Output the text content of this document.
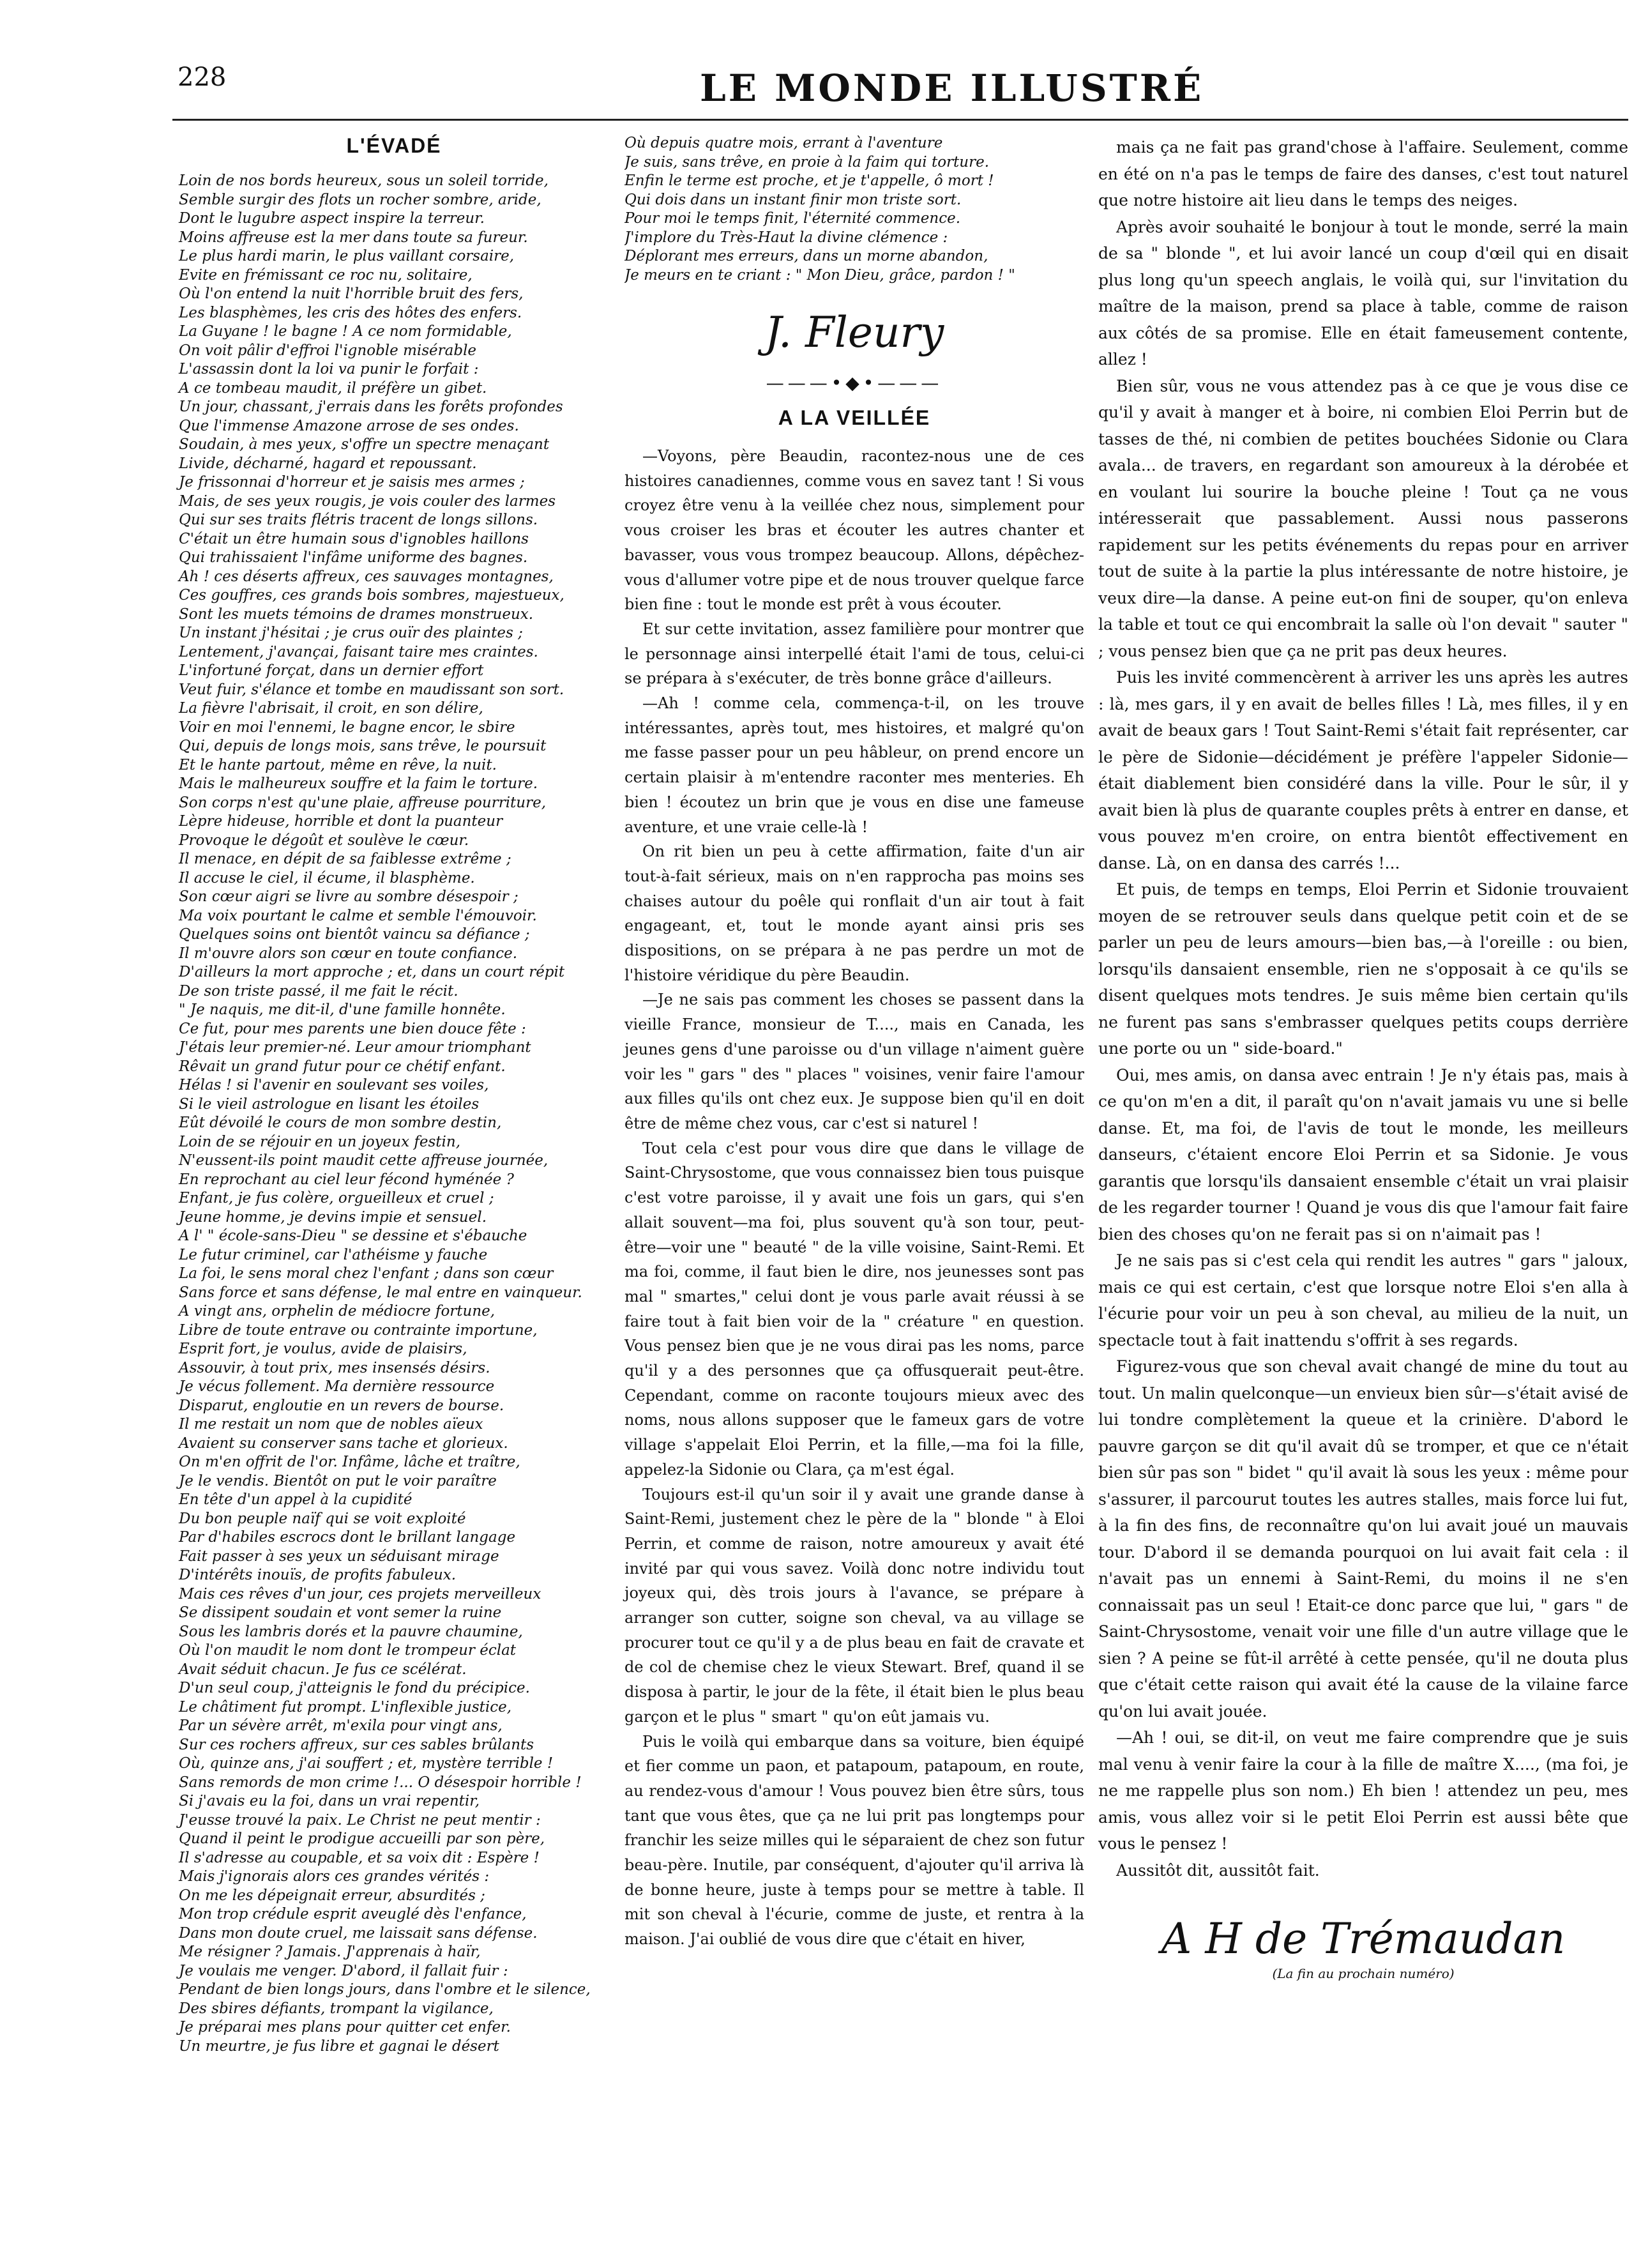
228	LE MONDE ILLUSTRÉ
L'ÉVADÉ
Loin de nos bords heureux, sous un soleil torride,
Semble surgir des flots un rocher sombre, aride,
Dont le lugubre aspect inspire la terreur.
Moins affreuse est la mer dans toute sa fureur.
Le plus hardi marin, le plus vaillant corsaire,
Evite en frémissant ce roc nu, solitaire,
Où l'on entend la nuit l'horrible bruit des fers,
Les blasphèmes, les cris des hôtes des enfers.
La Guyane ! le bagne ! A ce nom formidable,
On voit pâlir d'effroi l'ignoble misérable
L'assassin dont la loi va punir le forfait :
A ce tombeau maudit, il préfère un gibet.
Un jour, chassant, j'errais dans les forêts profondes
Que l'immense Amazone arrose de ses ondes.
Soudain, à mes yeux, s'offre un spectre menaçant
Livide, décharné, hagard et repoussant.
Je frissonnai d'horreur et je saisis mes armes ;
Mais, de ses yeux rougis, je vois couler des larmes
Qui sur ses traits flétris tracent de longs sillons.
C'était un être humain sous d'ignobles haillons
Qui trahissaient l'infâme uniforme des bagnes.
Ah ! ces déserts affreux, ces sauvages montagnes,
Ces gouffres, ces grands bois sombres, majestueux,
Sont les muets témoins de drames monstrueux.
Un instant j'hésitai ; je crus ouïr des plaintes ;
Lentement, j'avançai, faisant taire mes craintes.
L'infortuné forçat, dans un dernier effort
Veut fuir, s'élance et tombe en maudissant son sort.
La fièvre l'abrisait, il croit, en son délire,
Voir en moi l'ennemi, le bagne encor, le sbire
Qui, depuis de longs mois, sans trêve, le poursuit
Et le hante partout, même en rêve, la nuit.
Mais le malheureux souffre et la faim le torture.
Son corps n'est qu'une plaie, affreuse pourriture,
Lèpre hideuse, horrible et dont la puanteur
Provoque le dégoût et soulève le cœur.
Il menace, en dépit de sa faiblesse extrême ;
Il accuse le ciel, il écume, il blasphème.
Son cœur aigri se livre au sombre désespoir ;
Ma voix pourtant le calme et semble l'émouvoir.
Quelques soins ont bientôt vaincu sa défiance ;
Il m'ouvre alors son cœur en toute confiance.
D'ailleurs la mort approche ; et, dans un court répit
De son triste passé, il me fait le récit.
" Je naquis, me dit-il, d'une famille honnête.
Ce fut, pour mes parents une bien douce fête :
J'étais leur premier-né. Leur amour triomphant
Rêvait un grand futur pour ce chétif enfant.
Hélas ! si l'avenir en soulevant ses voiles,
Si le vieil astrologue en lisant les étoiles
Eût dévoilé le cours de mon sombre destin,
Loin de se réjouir en un joyeux festin,
N'eussent-ils point maudit cette affreuse journée,
En reprochant au ciel leur fécond hyménée ?
Enfant, je fus colère, orgueilleux et cruel ;
Jeune homme, je devins impie et sensuel.
A l' " école-sans-Dieu " se dessine et s'ébauche
Le futur criminel, car l'athéisme y fauche
La foi, le sens moral chez l'enfant ; dans son cœur
Sans force et sans défense, le mal entre en vainqueur.
A vingt ans, orphelin de médiocre fortune,
Libre de toute entrave ou contrainte importune,
Esprit fort, je voulus, avide de plaisirs,
Assouvir, à tout prix, mes insensés désirs.
Je vécus follement. Ma dernière ressource
Disparut, engloutie en un revers de bourse.
Il me restait un nom que de nobles aïeux
Avaient su conserver sans tache et glorieux.
On m'en offrit de l'or. Infâme, lâche et traître,
Je le vendis. Bientôt on put le voir paraître
En tête d'un appel à la cupidité
Du bon peuple naïf qui se voit exploité
Par d'habiles escrocs dont le brillant langage
Fait passer à ses yeux un séduisant mirage
D'intérêts inouïs, de profits fabuleux.
Mais ces rêves d'un jour, ces projets merveilleux
Se dissipent soudain et vont semer la ruine
Sous les lambris dorés et la pauvre chaumine,
Où l'on maudit le nom dont le trompeur éclat
Avait séduit chacun. Je fus ce scélérat.
D'un seul coup, j'atteignis le fond du précipice.
Le châtiment fut prompt. L'inflexible justice,
Par un sévère arrêt, m'exila pour vingt ans,
Sur ces rochers affreux, sur ces sables brûlants
Où, quinze ans, j'ai souffert ; et, mystère terrible !
Sans remords de mon crime !... O désespoir horrible !
Si j'avais eu la foi, dans un vrai repentir,
J'eusse trouvé la paix. Le Christ ne peut mentir :
Quand il peint le prodigue accueilli par son père,
Il s'adresse au coupable, et sa voix dit : Espère !
Mais j'ignorais alors ces grandes vérités :
On me les dépeignait erreur, absurdités ;
Mon trop crédule esprit aveuglé dès l'enfance,
Dans mon doute cruel, me laissait sans défense.
Me résigner ? Jamais. J'apprenais à haïr,
Je voulais me venger. D'abord, il fallait fuir :
Pendant de bien longs jours, dans l'ombre et le silence,
Des sbires défiants, trompant la vigilance,
Je préparai mes plans pour quitter cet enfer.
Un meurtre, je fus libre et gagnai le désert
Où depuis quatre mois, errant à l'aventure
Je suis, sans trêve, en proie à la faim qui torture.
Enfin le terme est proche, et je t'appelle, ô mort !
Qui dois dans un instant finir mon triste sort.
Pour moi le temps finit, l'éternité commence.
J'implore du Très-Haut la divine clémence :
Déplorant mes erreurs, dans un morne abandon,
Je meurs en te criant : " Mon Dieu, grâce, pardon ! "
J. Fleury
———•◆•———
A LA VEILLÉE

—Voyons, père Beaudin, racontez-nous une de ces histoires canadiennes, comme vous en savez tant ! Si vous croyez être venu à la veillée chez nous, simplement pour vous croiser les bras et écouter les autres chanter et bavasser, vous vous trompez beaucoup. Allons, dépêchez-vous d'allumer votre pipe et de nous trouver quelque farce bien fine : tout le monde est prêt à vous écouter.

Et sur cette invitation, assez familière pour montrer que le personnage ainsi interpellé était l'ami de tous, celui-ci se prépara à s'exécuter, de très bonne grâce d'ailleurs.

—Ah ! comme cela, commença-t-il, on les trouve intéressantes, après tout, mes histoires, et malgré qu'on me fasse passer pour un peu hâbleur, on prend encore un certain plaisir à m'entendre raconter mes menteries. Eh bien ! écoutez un brin que je vous en dise une fameuse aventure, et une vraie celle-là !

On rit bien un peu à cette affirmation, faite d'un air tout-à-fait sérieux, mais on n'en rapprocha pas moins ses chaises autour du poêle qui ronflait d'un air tout à fait engageant, et, tout le monde ayant ainsi pris ses dispositions, on se prépara à ne pas perdre un mot de l'histoire véridique du père Beaudin.

—Je ne sais pas comment les choses se passent dans la vieille France, monsieur de T...., mais en Canada, les jeunes gens d'une paroisse ou d'un village n'aiment guère voir les " gars " des " places " voisines, venir faire l'amour aux filles qu'ils ont chez eux. Je suppose bien qu'il en doit être de même chez vous, car c'est si naturel !

Tout cela c'est pour vous dire que dans le village de Saint-Chrysostome, que vous connaissez bien tous puisque c'est votre paroisse, il y avait une fois un gars, qui s'en allait souvent—ma foi, plus souvent qu'à son tour, peut-être—voir une " beauté " de la ville voisine, Saint-Remi. Et ma foi, comme, il faut bien le dire, nos jeunesses sont pas mal " smartes," celui dont je vous parle avait réussi à se faire tout à fait bien voir de la " créature " en question. Vous pensez bien que je ne vous dirai pas les noms, parce qu'il y a des personnes que ça offusquerait peut-être. Cependant, comme on raconte toujours mieux avec des noms, nous allons supposer que le fameux gars de votre village s'appelait Eloi Perrin, et la fille,—ma foi la fille, appelez-la Sidonie ou Clara, ça m'est égal.

Toujours est-il qu'un soir il y avait une grande danse à Saint-Remi, justement chez le père de la " blonde " à Eloi Perrin, et comme de raison, notre amoureux y avait été invité par qui vous savez. Voilà donc notre individu tout joyeux qui, dès trois jours à l'avance, se prépare à arranger son cutter, soigne son cheval, va au village se procurer tout ce qu'il y a de plus beau en fait de cravate et de col de chemise chez le vieux Stewart. Bref, quand il se disposa à partir, le jour de la fête, il était bien le plus beau garçon et le plus " smart " qu'on eût jamais vu.

Puis le voilà qui embarque dans sa voiture, bien équipé et fier comme un paon, et patapoum, patapoum, en route, au rendez-vous d'amour ! Vous pouvez bien être sûrs, tous tant que vous êtes, que ça ne lui prit pas longtemps pour franchir les seize milles qui le séparaient de chez son futur beau-père. Inutile, par conséquent, d'ajouter qu'il arriva là de bonne heure, juste à temps pour se mettre à table. Il mit son cheval à l'écurie, comme de juste, et rentra à la maison. J'ai oublié de vous dire que c'était en hiver,

mais ça ne fait pas grand'chose à l'affaire. Seulement, comme en été on n'a pas le temps de faire des danses, c'est tout naturel que notre histoire ait lieu dans le temps des neiges.

Après avoir souhaité le bonjour à tout le monde, serré la main de sa " blonde ", et lui avoir lancé un coup d'œil qui en disait plus long qu'un speech anglais, le voilà qui, sur l'invitation du maître de la maison, prend sa place à table, comme de raison aux côtés de sa promise. Elle en était fameusement contente, allez !

Bien sûr, vous ne vous attendez pas à ce que je vous dise ce qu'il y avait à manger et à boire, ni combien Eloi Perrin but de tasses de thé, ni combien de petites bouchées Sidonie ou Clara avala... de travers, en regardant son amoureux à la dérobée et en voulant lui sourire la bouche pleine ! Tout ça ne vous intéresserait que passablement. Aussi nous passerons rapidement sur les petits événements du repas pour en arriver tout de suite à la partie la plus intéressante de notre histoire, je veux dire—la danse. A peine eut-on fini de souper, qu'on enleva la table et tout ce qui encombrait la salle où l'on devait " sauter " ; vous pensez bien que ça ne prit pas deux heures.

Puis les invité commencèrent à arriver les uns après les autres : là, mes gars, il y en avait de belles filles ! Là, mes filles, il y en avait de beaux gars ! Tout Saint-Remi s'était fait représenter, car le père de Sidonie—décidément je préfère l'appeler Sidonie—était diablement bien considéré dans la ville. Pour le sûr, il y avait bien là plus de quarante couples prêts à entrer en danse, et vous pouvez m'en croire, on entra bientôt effectivement en danse. Là, on en dansa des carrés !...

Et puis, de temps en temps, Eloi Perrin et Sidonie trouvaient moyen de se retrouver seuls dans quelque petit coin et de se parler un peu de leurs amours—bien bas,—à l'oreille : ou bien, lorsqu'ils dansaient ensemble, rien ne s'opposait à ce qu'ils se disent quelques mots tendres. Je suis même bien certain qu'ils ne furent pas sans s'embrasser quelques petits coups derrière une porte ou un " side-board."

Oui, mes amis, on dansa avec entrain ! Je n'y étais pas, mais à ce qu'on m'en a dit, il paraît qu'on n'avait jamais vu une si belle danse. Et, ma foi, de l'avis de tout le monde, les meilleurs danseurs, c'étaient encore Eloi Perrin et sa Sidonie. Je vous garantis que lorsqu'ils dansaient ensemble c'était un vrai plaisir de les regarder tourner ! Quand je vous dis que l'amour fait faire bien des choses qu'on ne ferait pas si on n'aimait pas !

Je ne sais pas si c'est cela qui rendit les autres " gars " jaloux, mais ce qui est certain, c'est que lorsque notre Eloi s'en alla à l'écurie pour voir un peu à son cheval, au milieu de la nuit, un spectacle tout à fait inattendu s'offrit à ses regards.

Figurez-vous que son cheval avait changé de mine du tout au tout. Un malin quelconque—un envieux bien sûr—s'était avisé de lui tondre complètement la queue et la crinière. D'abord le pauvre garçon se dit qu'il avait dû se tromper, et que ce n'était bien sûr pas son " bidet " qu'il avait là sous les yeux : même pour s'assurer, il parcourut toutes les autres stalles, mais force lui fut, à la fin des fins, de reconnaître qu'on lui avait joué un mauvais tour. D'abord il se demanda pourquoi on lui avait fait cela : il n'avait pas un ennemi à Saint-Remi, du moins il ne s'en connaissait pas un seul ! Etait-ce donc parce que lui, " gars " de Saint-Chrysostome, venait voir une fille d'un autre village que le sien ? A peine se fût-il arrêté à cette pensée, qu'il ne douta plus que c'était cette raison qui avait été la cause de la vilaine farce qu'on lui avait jouée.

—Ah ! oui, se dit-il, on veut me faire comprendre que je suis mal venu à venir faire la cour à la fille de maître X...., (ma foi, je ne me rappelle plus son nom.) Eh bien ! attendez un peu, mes amis, vous allez voir si le petit Eloi Perrin est aussi bête que vous le pensez !

Aussitôt dit, aussitôt fait.

A H de Trémaudan
(La fin au prochain numéro)
